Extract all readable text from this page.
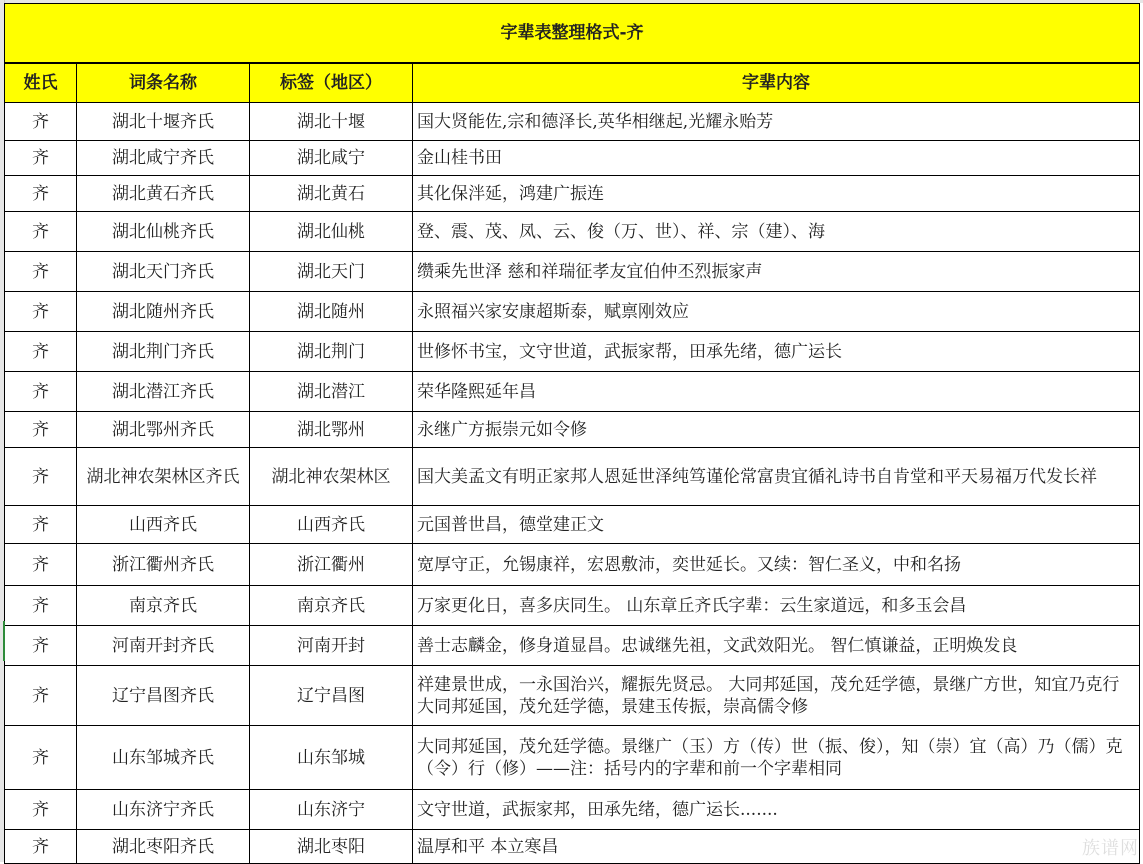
字辈表整理格式-齐			
姓氏	词条名称	标签（地区）	字辈内容
齐	湖北十堰齐氏	湖北十堰	国大贤能佐,宗和德泽长,英华相继起,光耀永贻芳
齐	湖北咸宁齐氏	湖北咸宁	金山桂书田
齐	湖北黄石齐氏	湖北黄石	其化保泮延，鸿建广振连
齐	湖北仙桃齐氏	湖北仙桃	登、震、茂、凤、云、俊（万、世）、祥、宗（建）、海
齐	湖北天门齐氏	湖北天门	缵乘先世泽 慈和祥瑞征孝友宜伯仲丕烈振家声
齐	湖北随州齐氏	湖北随州	永照福兴家安康超斯泰，赋禀刚效应
齐	湖北荆门齐氏	湖北荆门	世修怀书宝，文守世道，武振家帮，田承先绪，德广运长
齐	湖北潜江齐氏	湖北潜江	荣华隆熙延年昌
齐	湖北鄂州齐氏	湖北鄂州	永继广方振崇元如令修
齐	湖北神农架林区齐氏	湖北神农架林区	国大美孟文有明正家邦人恩延世泽纯笃谨伦常富贵宜循礼诗书自肯堂和平天易福万代发长祥
齐	山西齐氏	山西齐氏	元国普世昌，德堂建正文
齐	浙江衢州齐氏	浙江衢州	宽厚守正，允锡康祥，宏恩敷沛，奕世延长。又续：智仁圣义，中和名扬
齐	南京齐氏	南京齐氏	万家更化日，喜多庆同生。 山东章丘齐氏字辈：云生家道远，和多玉会昌
齐	河南开封齐氏	河南开封	善士志麟金，修身道显昌。忠诚继先祖，文武效阳光。 智仁慎谦益，正明焕发良
齐	辽宁昌图齐氏	辽宁昌图	祥建景世成，一永国治兴，耀振先贤忌。 大同邦延国，茂允廷学德，景继广方世，知宜乃克行 大同邦延国，茂允廷学德，景建玉传振，崇高儒令修
齐	山东邹城齐氏	山东邹城	大同邦延国，茂允廷学德。景继广（玉）方（传）世（振、俊），知（崇）宜（高）乃（儒）克（令）行（修）——注：括号内的字辈和前一个字辈相同
齐	山东济宁齐氏	山东济宁	文守世道，武振家邦，田承先绪，德广运长.......
齐	湖北枣阳齐氏	湖北枣阳	温厚和平 本立寒昌	族谱网
